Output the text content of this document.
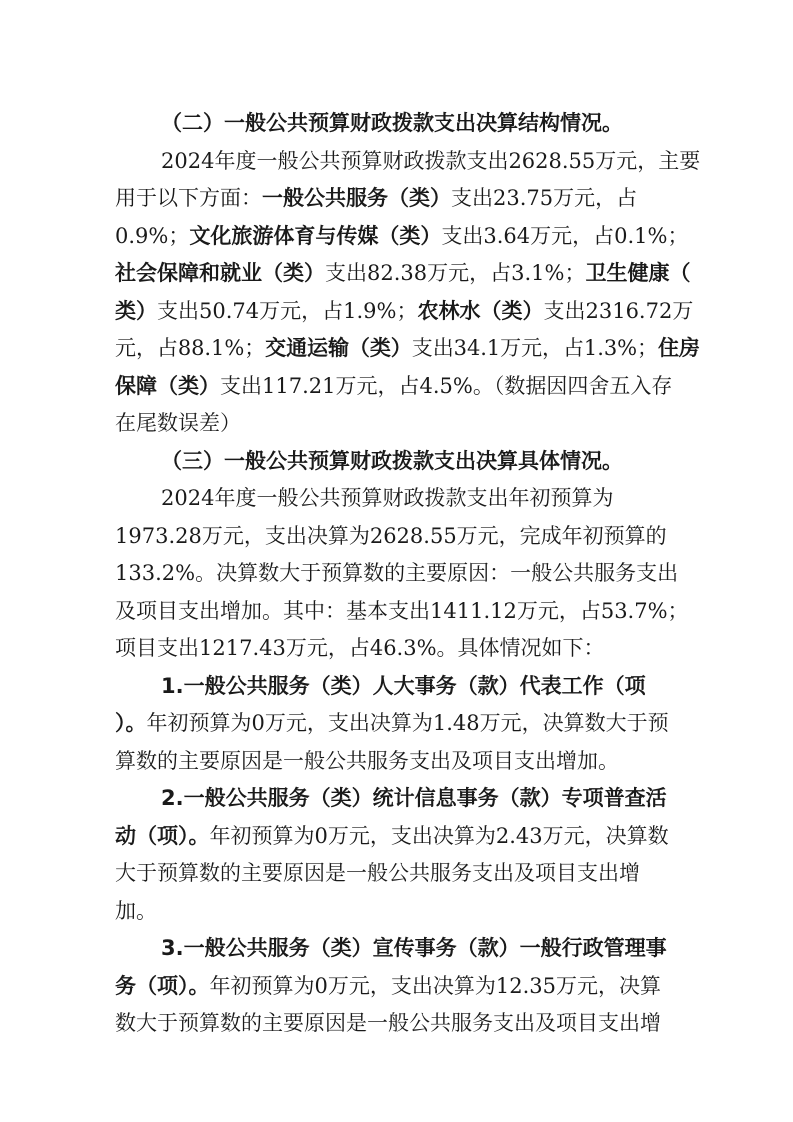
（二）一般公共预算财政拨款支出决算结构情况。
2024年度一般公共预算财政拨款支出2628.55万元，主要
用于以下方面：一般公共服务（类）支出23.75万元，占
0.9%；文化旅游体育与传媒（类）支出3.64万元，占0.1%；
社会保障和就业（类）支出82.38万元，占3.1%；卫生健康（
类）支出50.74万元，占1.9%；农林水（类）支出2316.72万
元，占88.1%；交通运输（类）支出34.1万元，占1.3%；住房
保障（类）支出117.21万元，占4.5%。（数据因四舍五入存
在尾数误差）
（三）一般公共预算财政拨款支出决算具体情况。
2024年度一般公共预算财政拨款支出年初预算为
1973.28万元，支出决算为2628.55万元，完成年初预算的
133.2%。决算数大于预算数的主要原因：一般公共服务支出
及项目支出增加。其中：基本支出1411.12万元，占53.7%；
项目支出1217.43万元，占46.3%。具体情况如下：
1.一般公共服务（类）人大事务（款）代表工作（项
）。年初预算为0万元，支出决算为1.48万元，决算数大于预
算数的主要原因是一般公共服务支出及项目支出增加。
2.一般公共服务（类）统计信息事务（款）专项普查活
动（项）。年初预算为0万元，支出决算为2.43万元，决算数
大于预算数的主要原因是一般公共服务支出及项目支出增
加。
3.一般公共服务（类）宣传事务（款）一般行政管理事
务（项）。年初预算为0万元，支出决算为12.35万元，决算
数大于预算数的主要原因是一般公共服务支出及项目支出增
